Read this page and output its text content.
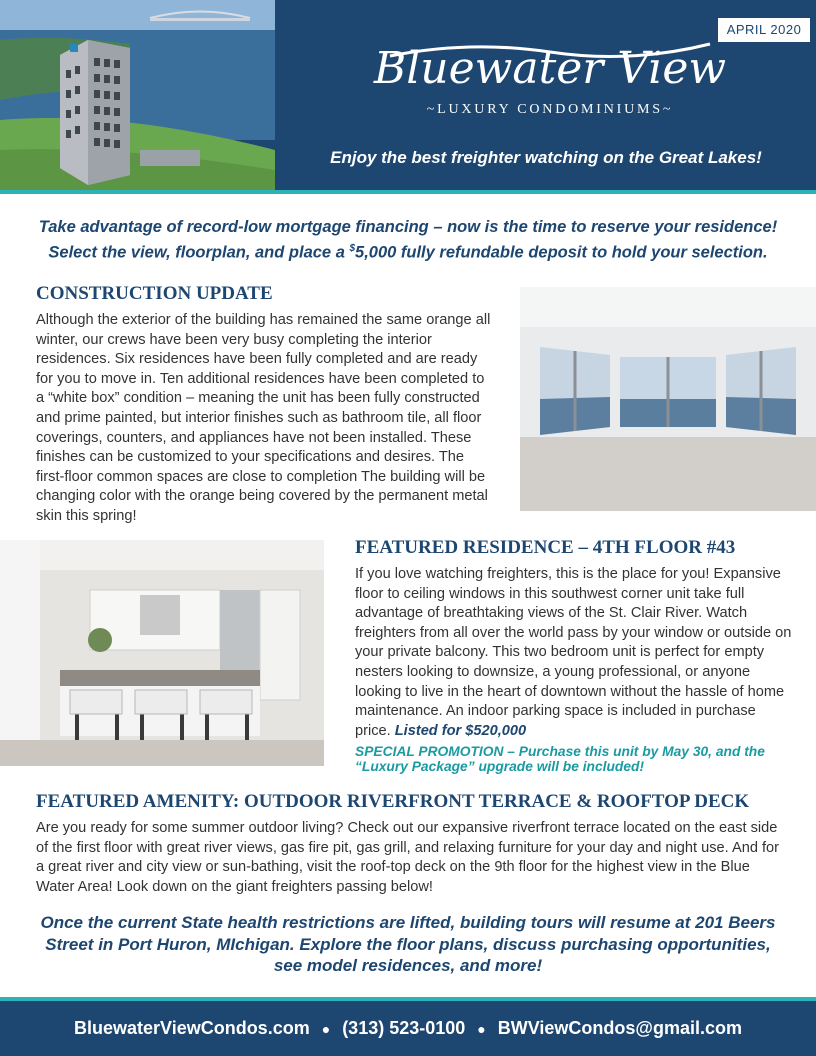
APRIL 2020
Bluewater View
~LUXURY CONDOMINIUMS~
Enjoy the best freighter watching on the Great Lakes!
Take advantage of record-low mortgage financing – now is the time to reserve your residence!
Select the view, floorplan, and place a $5,000 fully refundable deposit to hold your selection.
CONSTRUCTION UPDATE

Although the exterior of the building has remained the same orange all winter, our crews have been very busy completing the interior residences. Six residences have been fully completed and are ready for you to move in. Ten additional residences have been completed to a “white box” condition – meaning the unit has been fully constructed and prime painted, but interior finishes such as bathroom tile, all floor coverings, counters, and appliances have not been installed. These finishes can be customized to your specifications and desires. The first-floor common spaces are close to completion The building will be changing color with the orange being covered by the permanent metal skin this spring!

FEATURED RESIDENCE – 4TH FLOOR #43

If you love watching freighters, this is the place for you! Expansive floor to ceiling windows in this southwest corner unit take full advantage of breathtaking views of the St. Clair River. Watch freighters from all over the world pass by your window or outside on your private balcony. This two bedroom unit is perfect for empty nesters looking to downsize, a young professional, or anyone looking to live in the heart of downtown without the hassle of home maintenance. An indoor parking space is included in purchase price. Listed for $520,000

SPECIAL PROMOTION – Purchase this unit by May 30, and the “Luxury Package” upgrade will be included!

FEATURED AMENITY: OUTDOOR RIVERFRONT TERRACE & ROOFTOP DECK

Are you ready for some summer outdoor living? Check out our expansive riverfront terrace located on the east side of the first floor with great river views, gas fire pit, gas grill, and relaxing furniture for your day and night use. And for a great river and city view or sun-bathing, visit the roof-top deck on the 9th floor for the highest view in the Blue Water Area! Look down on the giant freighters passing below!

Once the current State health restrictions are lifted, building tours will resume at 201 Beers Street in Port Huron, MIchigan. Explore the floor plans, discuss purchasing opportunities, see model residences, and more!
BluewaterViewCondos.com ● (313) 523-0100 ● BWViewCondos@gmail.com
